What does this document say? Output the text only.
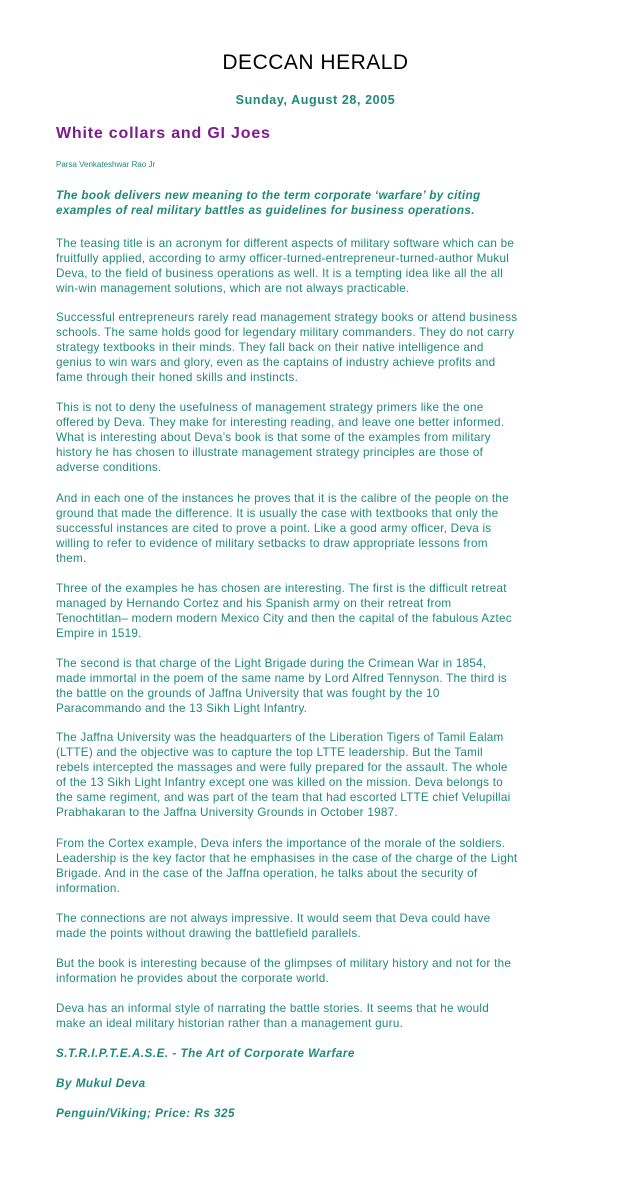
DECCAN HERALD
Sunday, August 28, 2005
White collars and GI Joes
Parsa Venkateshwar Rao Jr

The book delivers new meaning to the term corporate ‘warfare’ by citing
examples of real military battles as guidelines for business operations.

The teasing title is an acronym for different aspects of military software which can be
fruitfully applied, according to army officer-turned-entrepreneur-turned-author Mukul
Deva, to the field of business operations as well. It is a tempting idea like all the all
win-win management solutions, which are not always practicable.

Successful entrepreneurs rarely read management strategy books or attend business
schools. The same holds good for legendary military commanders. They do not carry
strategy textbooks in their minds. They fall back on their native intelligence and
genius to win wars and glory, even as the captains of industry achieve profits and
fame through their honed skills and instincts.

This is not to deny the usefulness of management strategy primers like the one
offered by Deva. They make for interesting reading, and leave one better informed.
What is interesting about Deva’s book is that some of the examples from military
history he has chosen to illustrate management strategy principles are those of
adverse conditions.

And in each one of the instances he proves that it is the calibre of the people on the
ground that made the difference. It is usually the case with textbooks that only the
successful instances are cited to prove a point. Like a good army officer, Deva is
willing to refer to evidence of military setbacks to draw appropriate lessons from
them.

Three of the examples he has chosen are interesting. The first is the difficult retreat
managed by Hernando Cortez and his Spanish army on their retreat from
Tenochtitlan– modern modern Mexico City and then the capital of the fabulous Aztec
Empire in 1519.

The second is that charge of the Light Brigade during the Crimean War in 1854,
made immortal in the poem of the same name by Lord Alfred Tennyson. The third is
the battle on the grounds of Jaffna University that was fought by the 10
Paracommando and the 13 Sikh Light Infantry.

The Jaffna University was the headquarters of the Liberation Tigers of Tamil Ealam
(LTTE) and the objective was to capture the top LTTE leadership. But the Tamil
rebels intercepted the massages and were fully prepared for the assault. The whole
of the 13 Sikh Light Infantry except one was killed on the mission. Deva belongs to
the same regiment, and was part of the team that had escorted LTTE chief Velupillai
Prabhakaran to the Jaffna University Grounds in October 1987.

From the Cortex example, Deva infers the importance of the morale of the soldiers.
Leadership is the key factor that he emphasises in the case of the charge of the Light
Brigade. And in the case of the Jaffna operation, he talks about the security of
information.

The connections are not always impressive. It would seem that Deva could have
made the points without drawing the battlefield parallels.

But the book is interesting because of the glimpses of military history and not for the
information he provides about the corporate world.

Deva has an informal style of narrating the battle stories. It seems that he would
make an ideal military historian rather than a management guru.

S.T.R.I.P.T.E.A.S.E. - The Art of Corporate Warfare

By Mukul Deva

Penguin/Viking; Price: Rs 325
